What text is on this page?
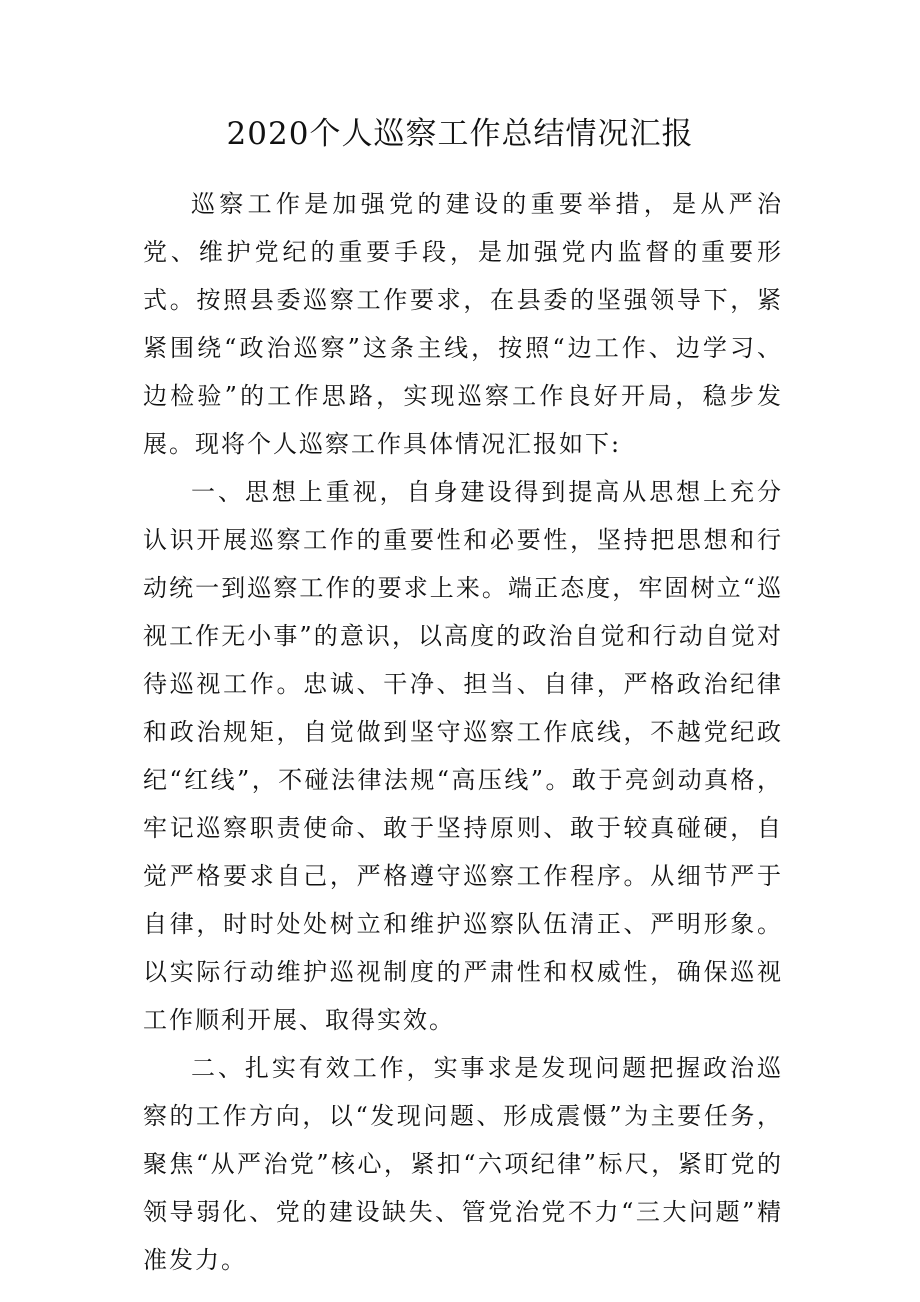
2020个人巡察工作总结情况汇报

巡察工作是加强党的建设的重要举措，是从严治党、维护党纪的重要手段，是加强党内监督的重要形式。按照县委巡察工作要求，在县委的坚强领导下，紧紧围绕“政治巡察”这条主线，按照“边工作、边学习、边检验”的工作思路，实现巡察工作良好开局，稳步发展。现将个人巡察工作具体情况汇报如下:

一、思想上重视，自身建设得到提高从思想上充分认识开展巡察工作的重要性和必要性，坚持把思想和行动统一到巡察工作的要求上来。端正态度，牢固树立“巡视工作无小事”的意识，以高度的政治自觉和行动自觉对待巡视工作。忠诚、干净、担当、自律，严格政治纪律和政治规矩，自觉做到坚守巡察工作底线，不越党纪政纪“红线”，不碰法律法规“高压线”。敢于亮剑动真格，牢记巡察职责使命、敢于坚持原则、敢于较真碰硬，自觉严格要求自己，严格遵守巡察工作程序。从细节严于自律，时时处处树立和维护巡察队伍清正、严明形象。以实际行动维护巡视制度的严肃性和权威性，确保巡视工作顺利开展、取得实效。

二、扎实有效工作，实事求是发现问题把握政治巡察的工作方向，以“发现问题、形成震慑”为主要任务，聚焦“从严治党”核心，紧扣“六项纪律”标尺，紧盯党的领导弱化、党的建设缺失、管党治党不力“三大问题”精准发力。
